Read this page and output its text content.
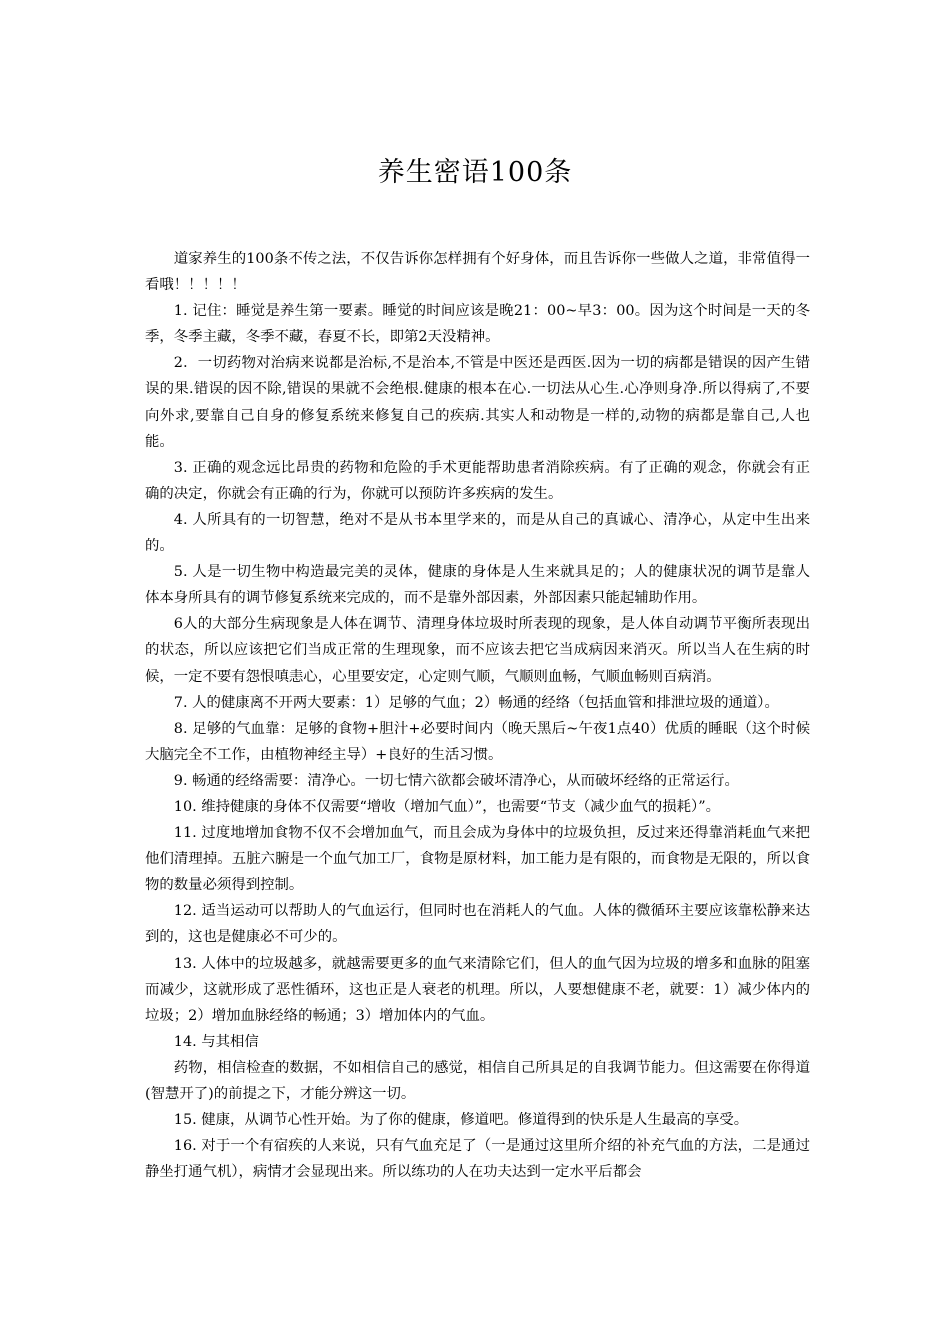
养生密语100条

道家养生的100条不传之法，不仅告诉你怎样拥有个好身体，而且告诉你一些做人之道，非常值得一看哦！！！！！

1. 记住：睡觉是养生第一要素。睡觉的时间应该是晚21：00~早3：00。因为这个时间是一天的冬季，冬季主藏，冬季不藏，春夏不长，即第2天没精神。

2．一切药物对治病来说都是治标,不是治本,不管是中医还是西医.因为一切的病都是错误的因产生错误的果.错误的因不除,错误的果就不会绝根.健康的根本在心.一切法从心生.心净则身净.所以得病了,不要向外求,要靠自己自身的修复系统来修复自己的疾病.其实人和动物是一样的,动物的病都是靠自己,人也能。

3. 正确的观念远比昂贵的药物和危险的手术更能帮助患者消除疾病。有了正确的观念，你就会有正确的决定，你就会有正确的行为，你就可以预防许多疾病的发生。

4. 人所具有的一切智慧，绝对不是从书本里学来的，而是从自己的真诚心、清净心，从定中生出来的。

5. 人是一切生物中构造最完美的灵体，健康的身体是人生来就具足的；人的健康状况的调节是靠人体本身所具有的调节修复系统来完成的，而不是靠外部因素，外部因素只能起辅助作用。

6人的大部分生病现象是人体在调节、清理身体垃圾时所表现的现象，是人体自动调节平衡所表现出的状态，所以应该把它们当成正常的生理现象，而不应该去把它当成病因来消灭。所以当人在生病的时候，一定不要有怨恨嗔恚心，心里要安定，心定则气顺，气顺则血畅，气顺血畅则百病消。

7. 人的健康离不开两大要素：1）足够的气血；2）畅通的经络（包括血管和排泄垃圾的通道）。

8. 足够的气血靠：足够的食物+胆汁+必要时间内（晚天黑后~午夜1点40）优质的睡眠（这个时候大脑完全不工作，由植物神经主导）+良好的生活习惯。

9. 畅通的经络需要：清净心。一切七情六欲都会破坏清净心，从而破坏经络的正常运行。

10. 维持健康的身体不仅需要“增收（增加气血）”，也需要“节支（减少血气的损耗）”。

11. 过度地增加食物不仅不会增加血气，而且会成为身体中的垃圾负担，反过来还得靠消耗血气来把他们清理掉。五脏六腑是一个血气加工厂，食物是原材料，加工能力是有限的，而食物是无限的，所以食物的数量必须得到控制。

12. 适当运动可以帮助人的气血运行，但同时也在消耗人的气血。人体的微循环主要应该靠松静来达到的，这也是健康必不可少的。

13. 人体中的垃圾越多，就越需要更多的血气来清除它们，但人的血气因为垃圾的增多和血脉的阻塞而减少，这就形成了恶性循环，这也正是人衰老的机理。所以，人要想健康不老，就要：1）减少体内的垃圾；2）增加血脉经络的畅通；3）增加体内的气血。

14. 与其相信

药物，相信检查的数据，不如相信自己的感觉，相信自己所具足的自我调节能力。但这需要在你得道(智慧开了)的前提之下，才能分辨这一切。

15. 健康，从调节心性开始。为了你的健康，修道吧。修道得到的快乐是人生最高的享受。

16. 对于一个有宿疾的人来说，只有气血充足了（一是通过这里所介绍的补充气血的方法，二是通过静坐打通气机），病情才会显现出来。所以练功的人在功夫达到一定水平后都会
